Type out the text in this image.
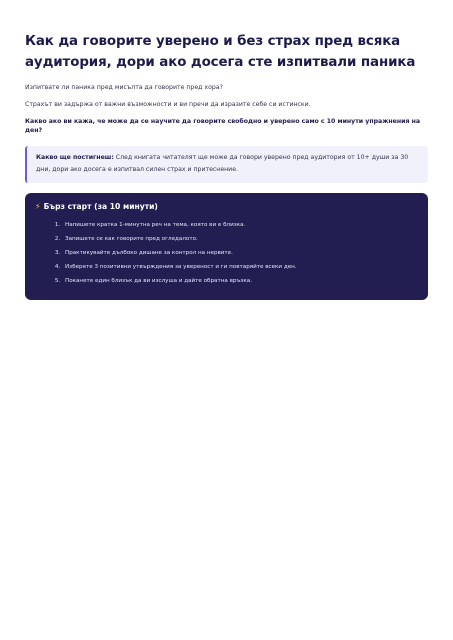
Как да говорите уверено и без страх пред всяка аудитория, дори ако досега сте изпитвали паника

Изпитвате ли паника пред мисълта да говорите пред хора?

Страхът ви задържа от важни възможности и ви пречи да изразите себе си истински.

Какво ако ви кажа, че може да се научите да говорите свободно и уверено само с 10 минути упражнения на ден?

Какво ще постигнеш: След книгата читателят ще може да говори уверено пред аудитория от 10+ души за 30 дни, дори ако досега е изпитвал силен страх и притеснение.
⚡ Бърз старт (за 10 минути)
1. Напишете кратка 1-минутна реч на тема, която ви е близка.
2. Запишете се как говорите пред огледалото.
3. Практикувайте дълбоко дишане за контрол на нервите.
4. Изберете 3 позитивни утвърждения за увереност и ги повтаряйте всеки ден.
5. Поканете един близък да ви изслуша и дайте обратна връзка.
